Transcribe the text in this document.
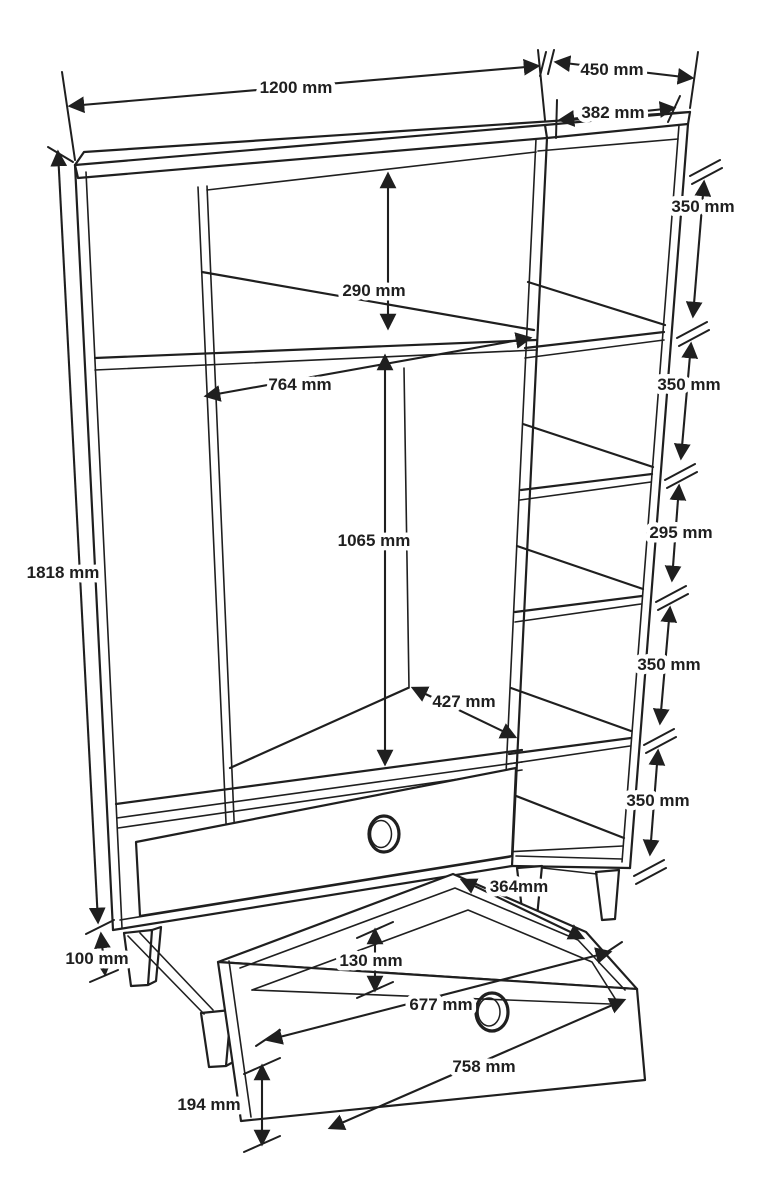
1200 mm
450 mm
382 mm
290 mm
764 mm
1065 mm
427 mm
1818 mm
100 mm
350 mm
350 mm
295 mm
350 mm
350 mm
364mm
130 mm
677 mm
758 mm
194 mm
